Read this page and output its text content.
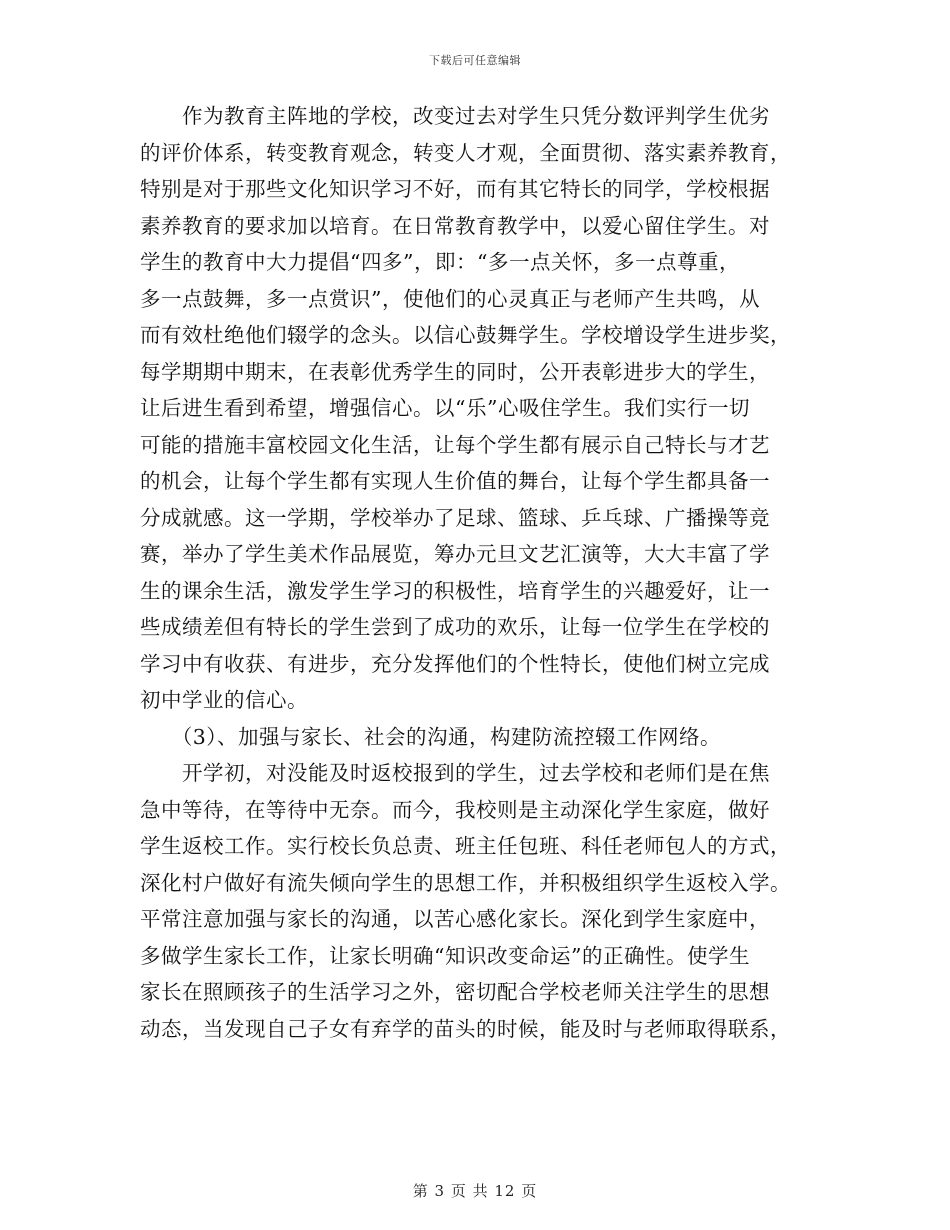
下载后可任意编辑
　　作为教育主阵地的学校，改变过去对学生只凭分数评判学生优劣
的评价体系，转变教育观念，转变人才观，全面贯彻、落实素养教育，
特别是对于那些文化知识学习不好，而有其它特长的同学，学校根据
素养教育的要求加以培育。在日常教育教学中，以爱心留住学生。对
学生的教育中大力提倡“四多”，即：“多一点关怀，多一点尊重，
多一点鼓舞，多一点赏识”，使他们的心灵真正与老师产生共鸣，从
而有效杜绝他们辍学的念头。以信心鼓舞学生。学校增设学生进步奖，
每学期期中期末，在表彰优秀学生的同时，公开表彰进步大的学生，
让后进生看到希望，增强信心。以“乐”心吸住学生。我们实行一切
可能的措施丰富校园文化生活，让每个学生都有展示自己特长与才艺
的机会，让每个学生都有实现人生价值的舞台，让每个学生都具备一
分成就感。这一学期，学校举办了足球、篮球、乒乓球、广播操等竞
赛，举办了学生美术作品展览，筹办元旦文艺汇演等，大大丰富了学
生的课余生活，激发学生学习的积极性，培育学生的兴趣爱好，让一
些成绩差但有特长的学生尝到了成功的欢乐，让每一位学生在学校的
学习中有收获、有进步，充分发挥他们的个性特长，使他们树立完成
初中学业的信心。
　　（3）、加强与家长、社会的沟通，构建防流控辍工作网络。
　　开学初，对没能及时返校报到的学生，过去学校和老师们是在焦
急中等待，在等待中无奈。而今，我校则是主动深化学生家庭，做好
学生返校工作。实行校长负总责、班主任包班、科任老师包人的方式，
深化村户做好有流失倾向学生的思想工作，并积极组织学生返校入学。
平常注意加强与家长的沟通，以苦心感化家长。深化到学生家庭中，
多做学生家长工作，让家长明确“知识改变命运”的正确性。使学生
家长在照顾孩子的生活学习之外，密切配合学校老师关注学生的思想
动态，当发现自己子女有弃学的苗头的时候，能及时与老师取得联系，
第 3 页 共 12 页
